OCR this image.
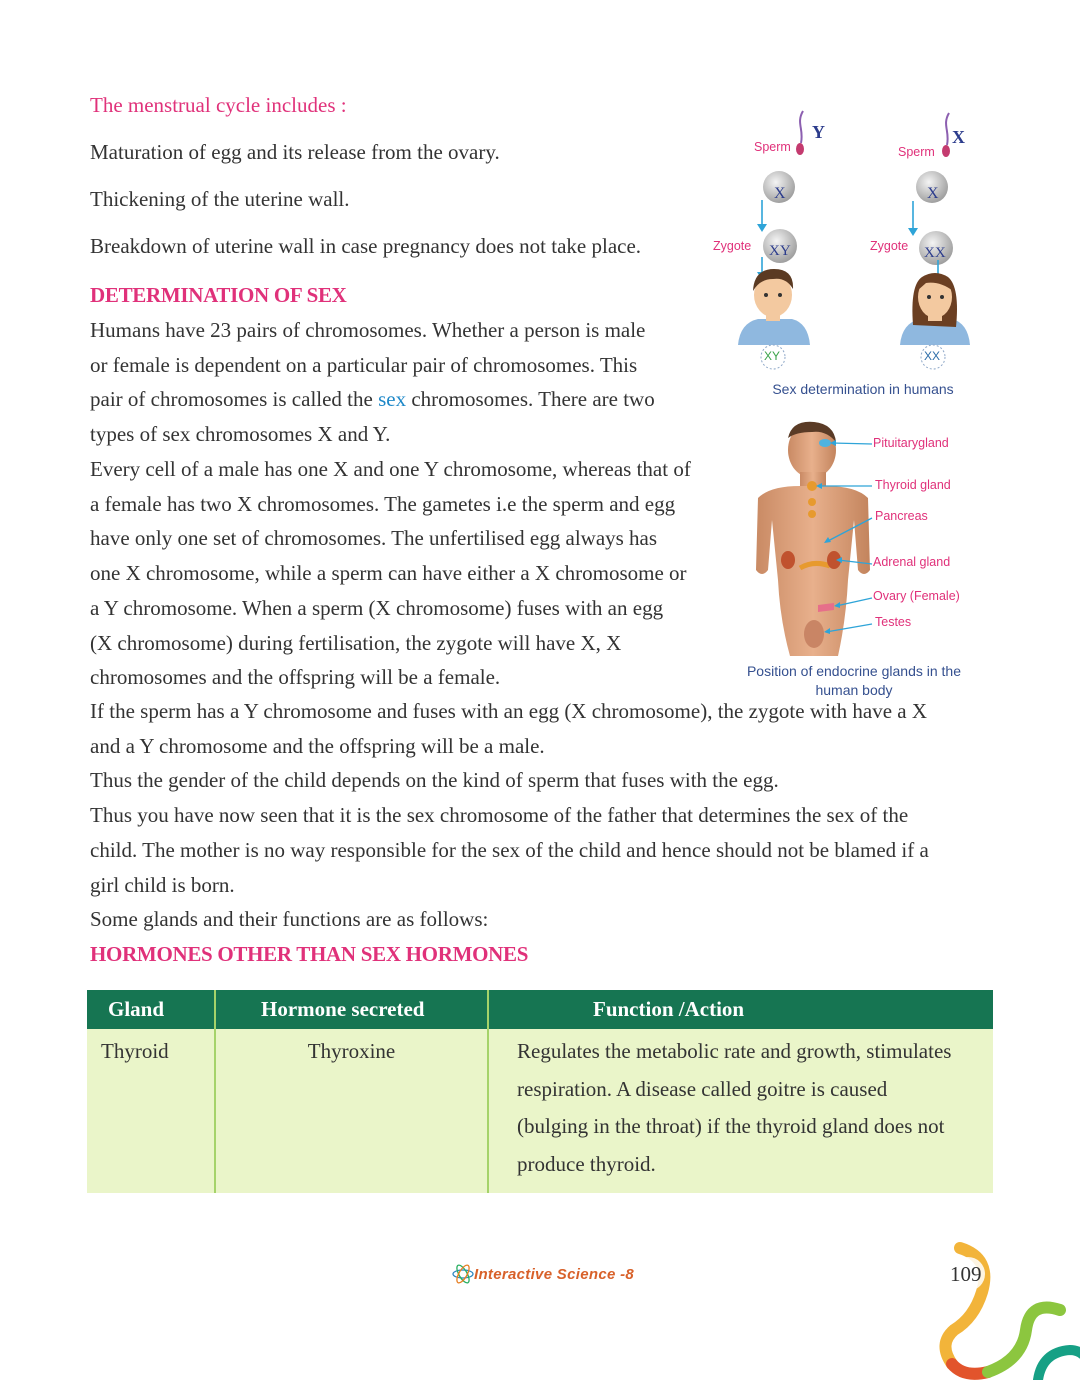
The menstrual cycle includes :
Maturation of egg and its release from the ovary.
Thickening of the uterine wall.
Breakdown of uterine wall in case pregnancy does not take place.
DETERMINATION OF SEX
Humans have 23 pairs of chromosomes. Whether a person is male
or female is dependent on a particular pair of chromosomes. This
pair of chromosomes is called the sex chromosomes. There are two
types of sex chromosomes X and Y.
Every cell of a male has one X and one Y chromosome, whereas that of
a female has two X chromosomes. The gametes i.e the sperm and egg
have only one set of chromosomes. The unfertilised egg always has
one X chromosome, while a sperm can have either a X chromosome or
a Y chromosome. When a sperm (X chromosome) fuses with an egg
(X chromosome) during fertilisation, the zygote will have X, X
chromosomes and the offspring will be a female.
If the sperm has a Y chromosome and fuses with an egg (X chromosome), the zygote with have a X
and a Y chromosome and the offspring will be a male.
Thus the gender of the child depends on the kind of sperm that fuses with the egg.
Thus you have now seen that it is the sex chromosome of the father that determines the sex of the
child. The mother is no way responsible for the sex of the child and hence should not be blamed if a
girl child is born.
Some glands and their functions are as follows:
Sperm
Y
X
Zygote XY
XY
Sperm
X
X
Zygote XX
XX
Sex determination in humans
Pituitarygland
Thyroid gland
Pancreas
Adrenal gland
Ovary (Female)
Testes
Position of endocrine glands in the
human body
HORMONES OTHER THAN SEX HORMONES
Gland	Hormone secreted	Function /Action
Thyroid	Thyroxine	Regulates the metabolic rate and growth, stimulates
respiration. A disease called goitre is caused
(bulging in the throat) if the thyroid gland does not
produce thyroid.
Interactive Science -8	109
